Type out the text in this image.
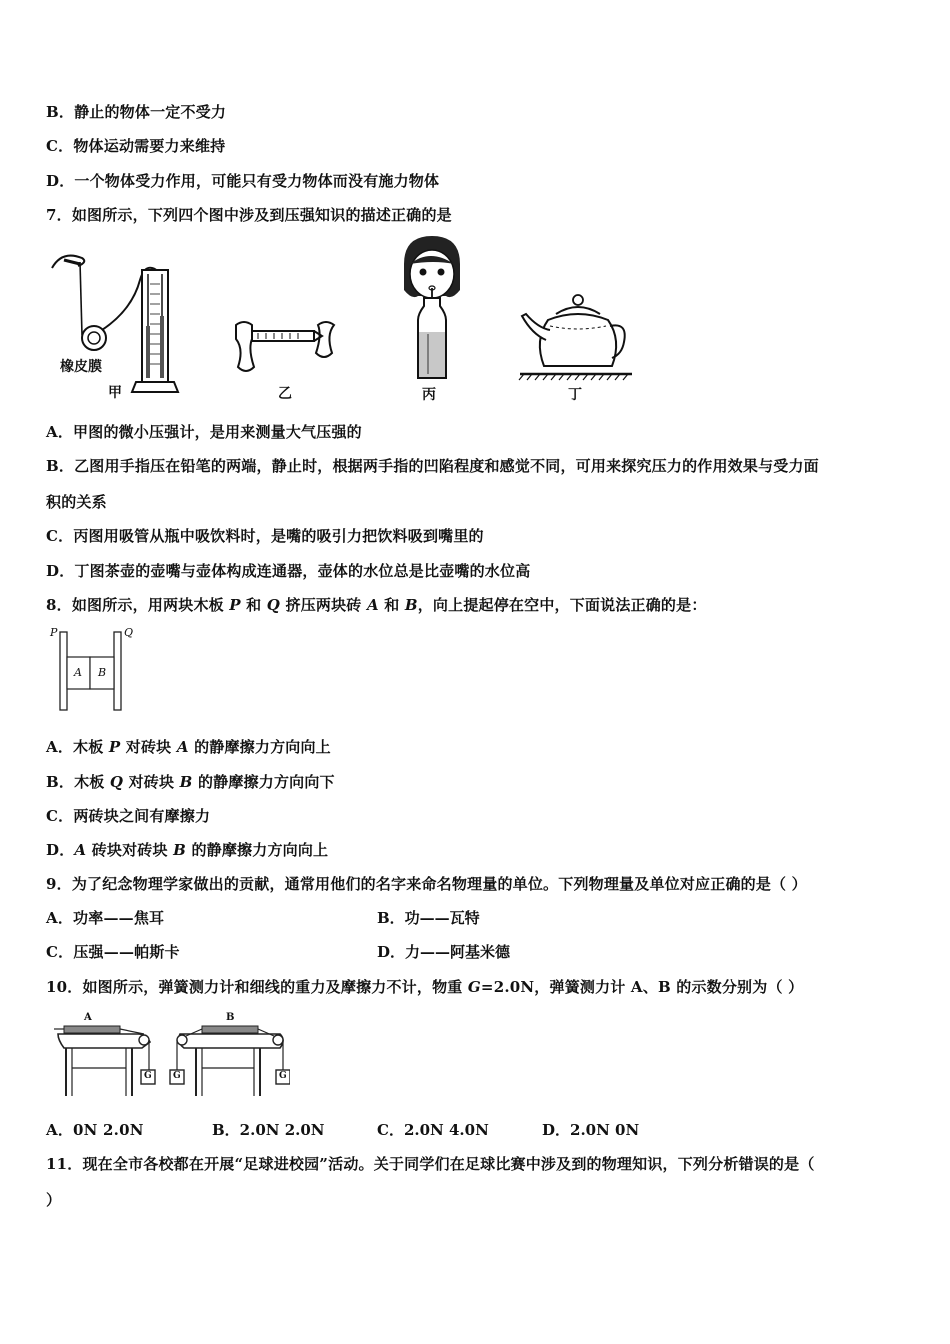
B．静止的物体一定不受力
C．物体运动需要力来维持
D．一个物体受力作用，可能只有受力物体而没有施力物体
7．如图所示，下列四个图中涉及到压强知识的描述正确的是
橡皮膜
甲	乙	丙	丁
A．甲图的微小压强计，是用来测量大气压强的
B．乙图用手指压在铅笔的两端，静止时，根据两手指的凹陷程度和感觉不同，可用来探究压力的作用效果与受力面
积的关系
C．丙图用吸管从瓶中吸饮料时，是嘴的吸引力把饮料吸到嘴里的
D．丁图茶壶的壶嘴与壶体构成连通器，壶体的水位总是比壶嘴的水位高
8．如图所示，用两块木板 P 和 Q 挤压两块砖 A 和 B，向上提起停在空中，下面说法正确的是：
P	Q
A B
A．木板 P 对砖块 A 的静摩擦力方向向上
B．木板 Q 对砖块 B 的静摩擦力方向向下
C．两砖块之间有摩擦力
D．A 砖块对砖块 B 的静摩擦力方向向上
9．为了纪念物理学家做出的贡献，通常用他们的名字来命名物理量的单位。下列物理量及单位对应正确的是（ ）
A．功率——焦耳	B．功——瓦特
C．压强——帕斯卡	D．力——阿基米德
10．如图所示，弹簧测力计和细线的重力及摩擦力不计，物重 G=2.0N，弹簧测力计 A、B 的示数分别为（ ）
A	B
G G	G
A．0N 2.0N	B．2.0N 2.0N	C．2.0N 4.0N	D．2.0N 0N
11．现在全市各校都在开展“足球进校园”活动。关于同学们在足球比赛中涉及到的物理知识，下列分析错误的是（
）
